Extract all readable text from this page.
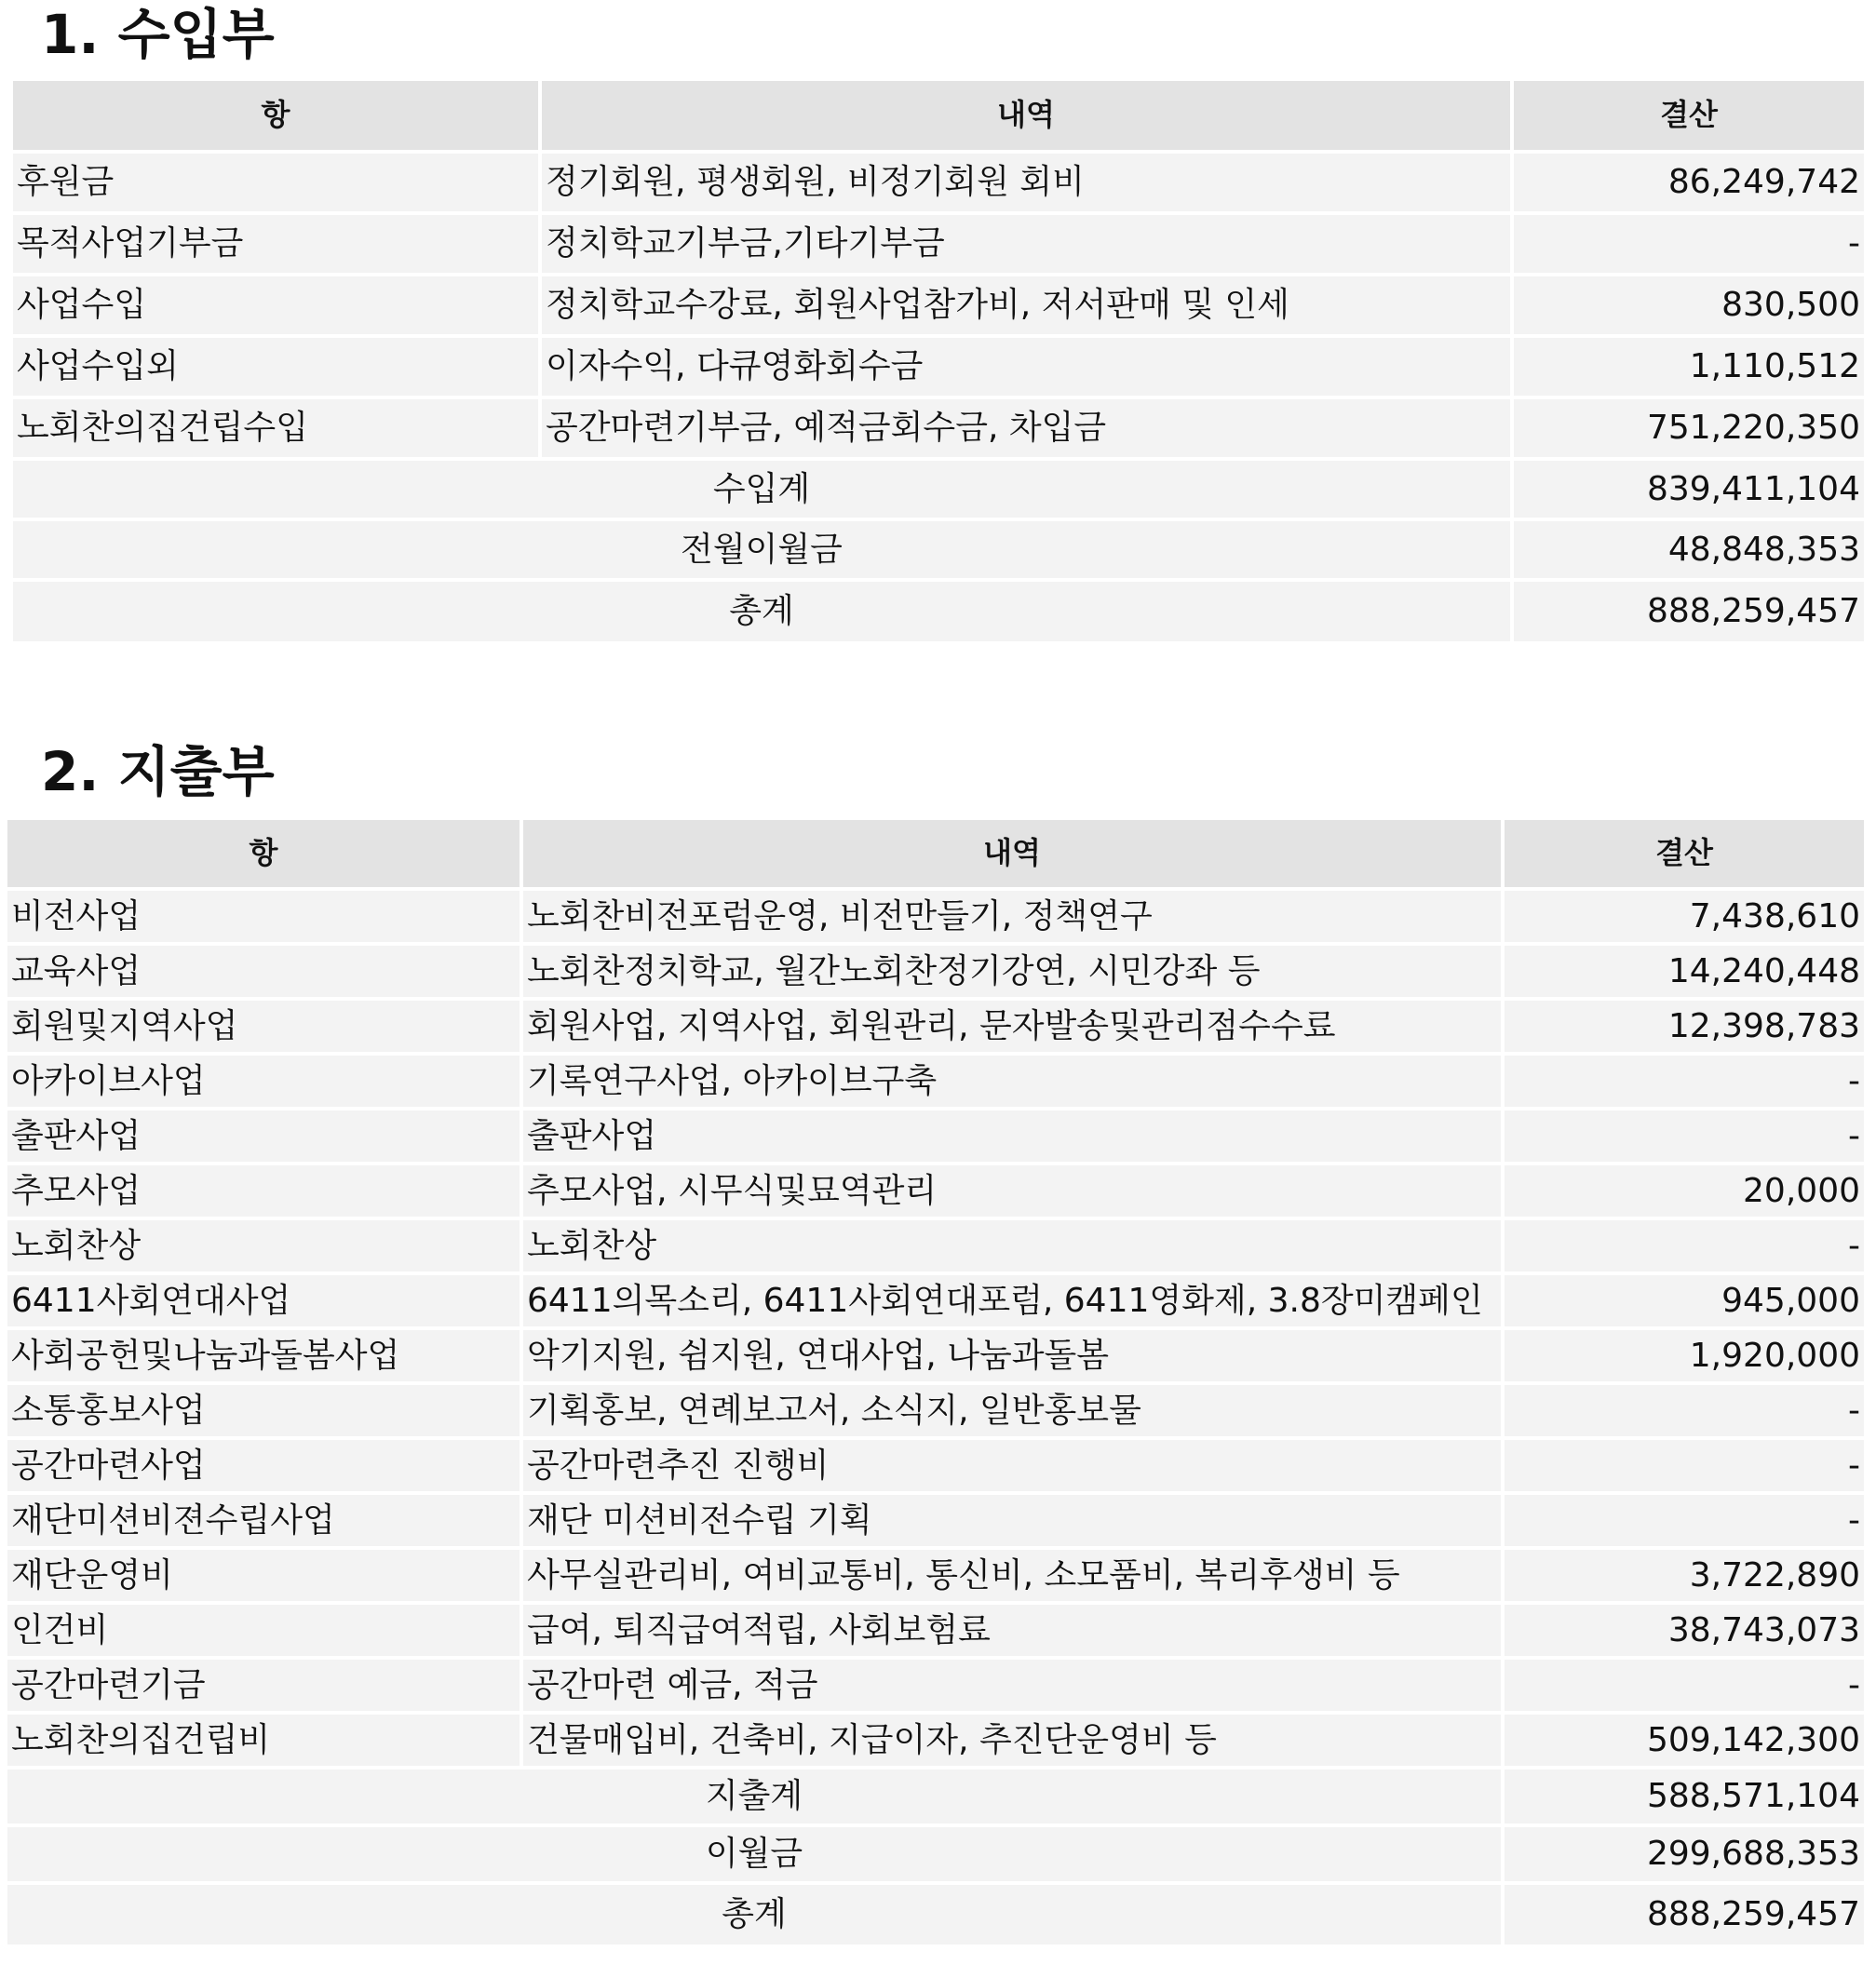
1. 수입부
항	내역	결산
후원금	정기회원, 평생회원, 비정기회원 회비	86,249,742
목적사업기부금	정치학교기부금,기타기부금	-
사업수입	정치학교수강료, 회원사업참가비, 저서판매 및 인세	830,500
사업수입외	이자수익, 다큐영화회수금	1,110,512
노회찬의집건립수입	공간마련기부금, 예적금회수금, 차입금	751,220,350
수입계		839,411,104
전월이월금		48,848,353
총계		888,259,457
2. 지출부
항	내역	결산
비전사업	노회찬비전포럼운영, 비전만들기, 정책연구	7,438,610
교육사업	노회찬정치학교, 월간노회찬정기강연, 시민강좌 등	14,240,448
회원및지역사업	회원사업, 지역사업, 회원관리, 문자발송및관리점수수료	12,398,783
아카이브사업	기록연구사업, 아카이브구축	-
출판사업	출판사업	-
추모사업	추모사업, 시무식및묘역관리	20,000
노회찬상	노회찬상	-
6411사회연대사업	6411의목소리, 6411사회연대포럼, 6411영화제, 3.8장미캠페인	945,000
사회공헌및나눔과돌봄사업	악기지원, 쉼지원, 연대사업, 나눔과돌봄	1,920,000
소통홍보사업	기획홍보, 연례보고서, 소식지, 일반홍보물	-
공간마련사업	공간마련추진 진행비	-
재단미션비젼수립사업	재단 미션비전수립 기획	-
재단운영비	사무실관리비, 여비교통비, 통신비, 소모품비, 복리후생비 등	3,722,890
인건비	급여, 퇴직급여적립, 사회보험료	38,743,073
공간마련기금	공간마련 예금, 적금	-
노회찬의집건립비	건물매입비, 건축비, 지급이자, 추진단운영비 등	509,142,300
지출계		588,571,104
이월금		299,688,353
총계		888,259,457
